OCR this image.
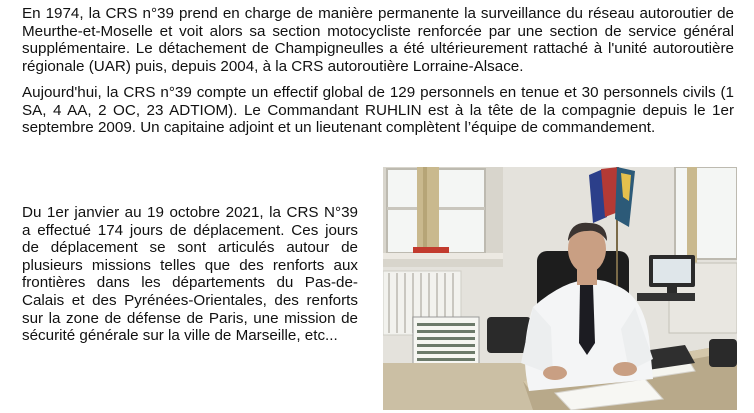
En 1974, la CRS n°39 prend en charge de manière permanente la surveillance du réseau autoroutier de Meurthe-et-Moselle et voit alors sa section motocycliste renforcée par une section de service général supplémentaire. Le détachement de Champigneulles a été ultérieurement rattaché à l'unité autoroutière régionale (UAR) puis, depuis 2004, à la CRS autoroutière Lorraine-Alsace.

Aujourd'hui, la CRS n°39 compte un effectif global de 129 personnels en tenue et 30 personnels civils (1 SA, 4 AA, 2 OC, 23 ADTIOM). Le Commandant RUHLIN est à la tête de la compagnie depuis le 1er septembre 2009. Un capitaine adjoint et un lieutenant complètent l’équipe de commandement.

Du 1er janvier au 19 octobre 2021, la CRS N°39 a effectué 174 jours de déplacement. Ces jours de déplacement se sont articulés autour de plusieurs missions telles que des renforts aux frontières dans les départements du Pas-de-Calais et des Pyrénées-Orientales, des renforts sur la zone de défense de Paris, une mission de sécurité générale sur la ville de Marseille, etc...
